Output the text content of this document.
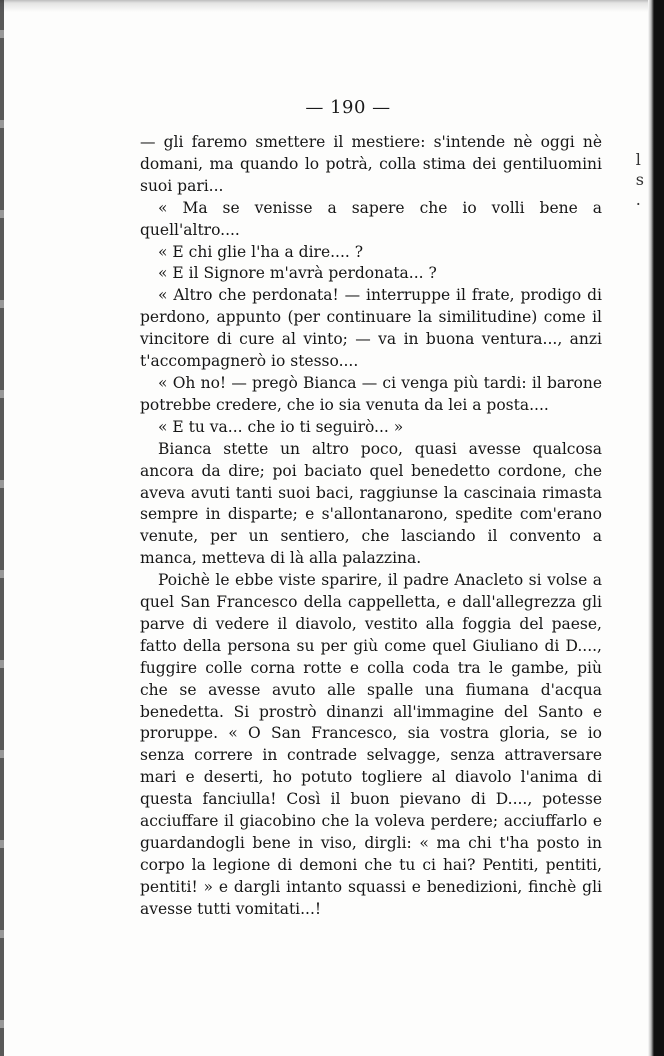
l
s
.
— 190 —

— gli faremo smettere il mestiere: s'intende nè oggi nè domani, ma quando lo potrà, colla stima dei gentiluomini suoi pari...

« Ma se venisse a sapere che io volli bene a quell'altro....

« E chi glie l'ha a dire.... ?

« E il Signore m'avrà perdonata... ?

« Altro che perdonata! — interruppe il frate, prodigo di perdono, appunto (per continuare la similitudine) come il vincitore di cure al vinto; — va in buona ventura..., anzi t'accompagnerò io stesso....

« Oh no! — pregò Bianca — ci venga più tardi: il barone potrebbe credere, che io sia venuta da lei a posta....

« E tu va... che io ti seguirò... »

Bianca stette un altro poco, quasi avesse qualcosa ancora da dire; poi baciato quel benedetto cordone, che aveva avuti tanti suoi baci, raggiunse la cascinaia rimasta sempre in disparte; e s'allontanarono, spedite com'erano venute, per un sentiero, che lasciando il convento a manca, metteva di là alla palazzina.

Poichè le ebbe viste sparire, il padre Anacleto si volse a quel San Francesco della cappelletta, e dall'allegrezza gli parve di vedere il diavolo, vestito alla foggia del paese, fatto della persona su per giù come quel Giuliano di D...., fuggire colle corna rotte e colla coda tra le gambe, più che se avesse avuto alle spalle una fiumana d'acqua benedetta. Si prostrò dinanzi all'immagine del Santo e proruppe. « O San Francesco, sia vostra gloria, se io senza correre in contrade selvagge, senza attraversare mari e deserti, ho potuto togliere al diavolo l'anima di questa fanciulla! Così il buon pievano di D...., potesse acciuffare il giacobino che la voleva perdere; acciuffarlo e guardandogli bene in viso, dirgli: « ma chi t'ha posto in corpo la legione di demoni che tu ci hai? Pentiti, pentiti, pentiti! » e dargli intanto squassi e benedizioni, finchè gli avesse tutti vomitati...!
